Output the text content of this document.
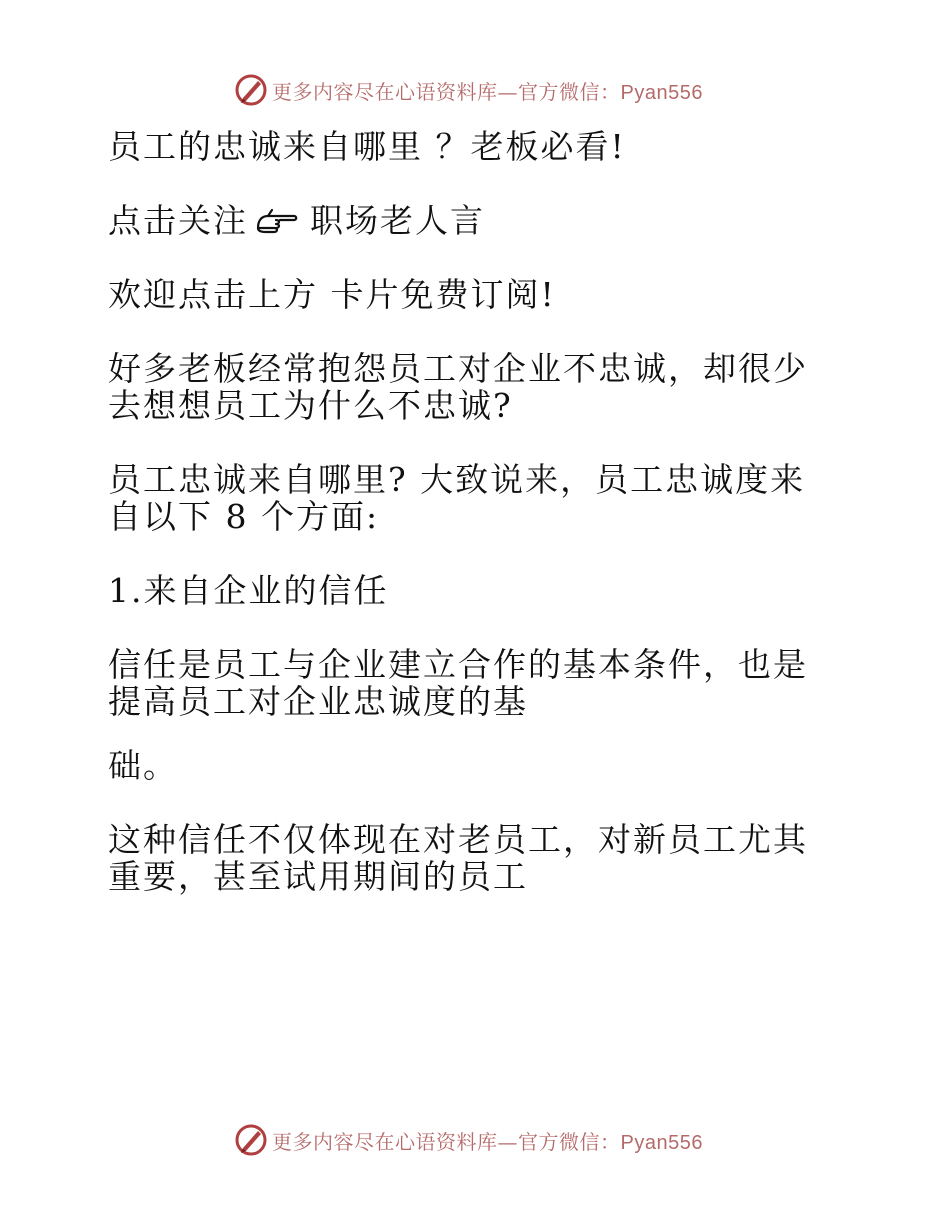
更多内容尽在心语资料库—官方微信：Pyan556
员工的忠诚来自哪里 ？老板必看!
点击关注 职场老人言
欢迎点击上方 卡片免费订阅!
好多老板经常抱怨员工对企业不忠诚，却很少去想想员工为什么不忠诚?
员工忠诚来自哪里? 大致说来，员工忠诚度来自以下 8 个方面:
1.来自企业的信任
信任是员工与企业建立合作的基本条件，也是提高员工对企业忠诚度的基
础。
这种信任不仅体现在对老员工，对新员工尤其重要，甚至试用期间的员工
更多内容尽在心语资料库—官方微信：Pyan556
